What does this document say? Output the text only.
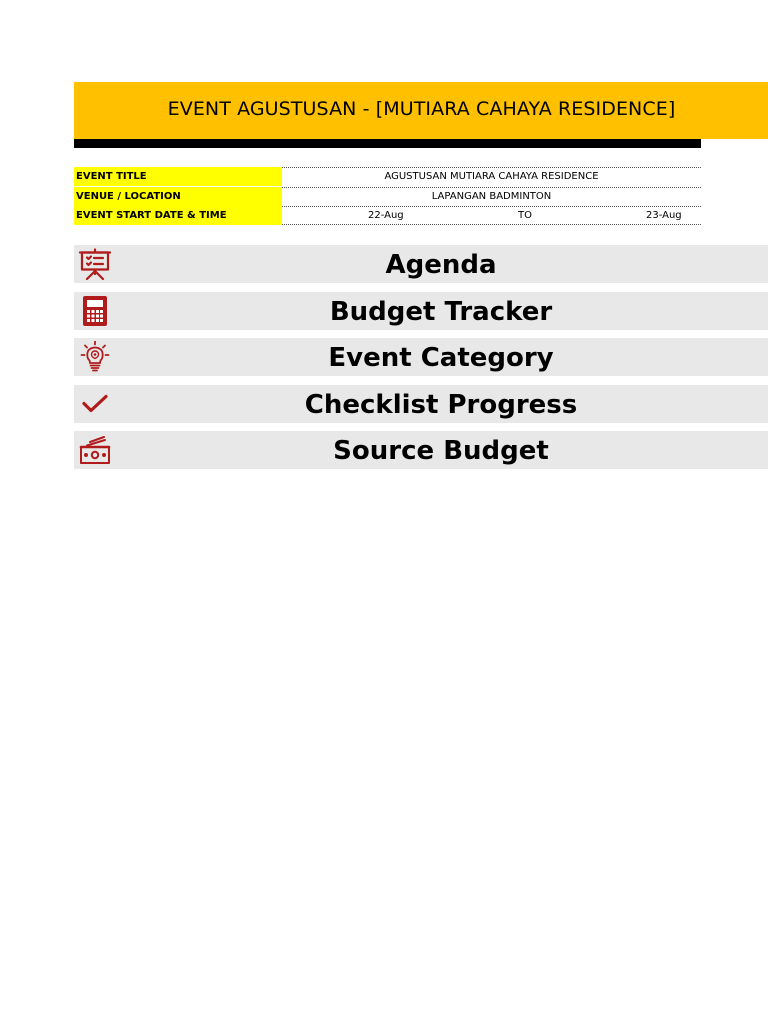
EVENT AGUSTUSAN - [MUTIARA CAHAYA RESIDENCE]
EVENT TITLE	AGUSTUSAN MUTIARA CAHAYA RESIDENCE
VENUE / LOCATION	LAPANGAN BADMINTON
EVENT START DATE & TIME	22-Aug	TO	23-Aug
Agenda
Budget Tracker
Event Category
Checklist Progress
Source Budget
